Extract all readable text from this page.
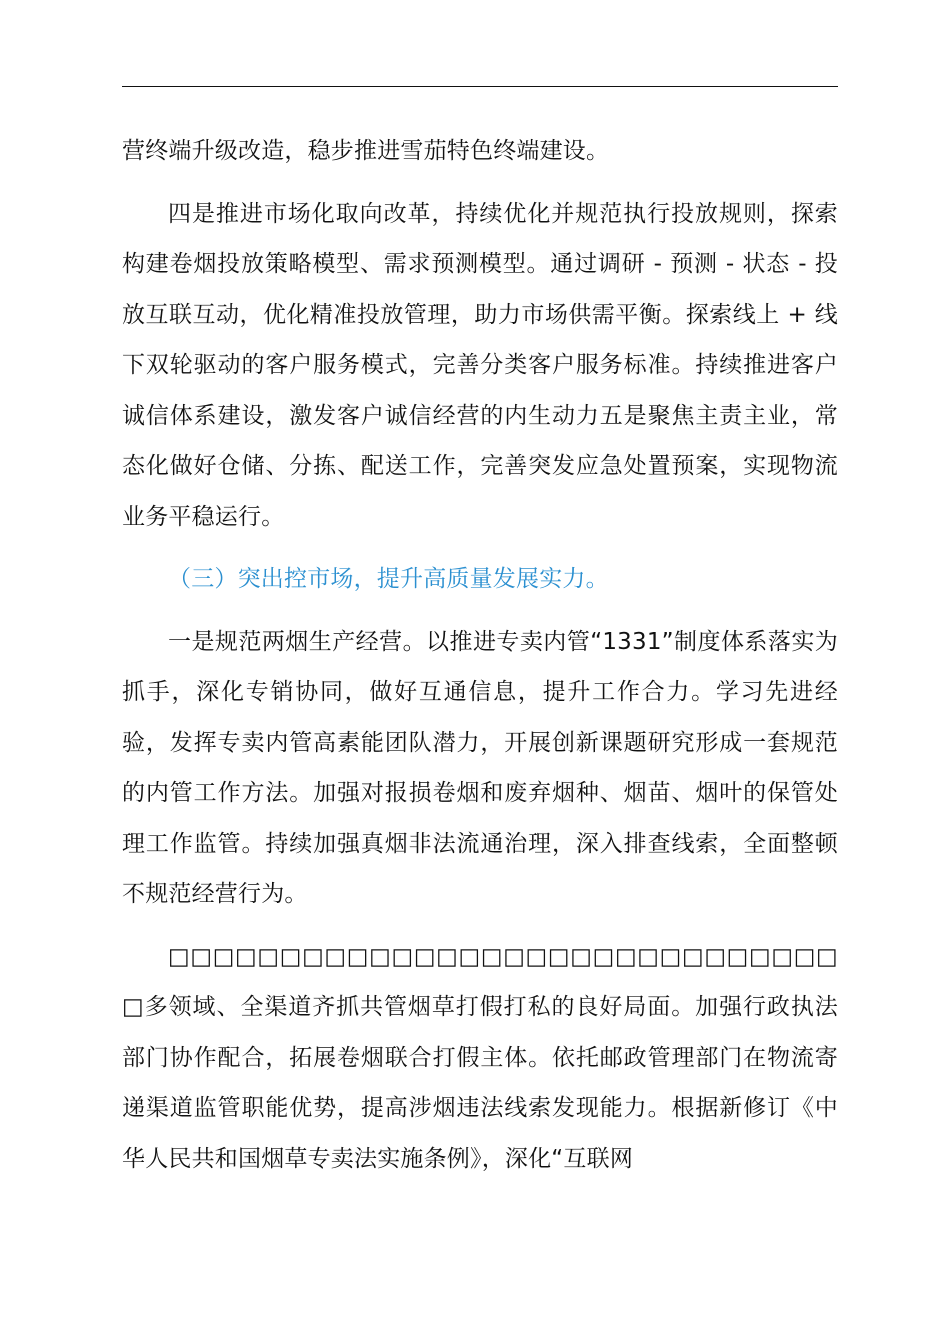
营终端升级改造，稳步推进雪茄特色终端建设。

四是推进市场化取向改革，持续优化并规范执行投放规则，探索构建卷烟投放策略模型、需求预测模型。通过调研 - 预测 - 状态 - 投放互联互动，优化精准投放管理，助力市场供需平衡。探索线上 + 线下双轮驱动的客户服务模式，完善分类客户服务标准。持续推进客户诚信体系建设，激发客户诚信经营的内生动力五是聚焦主责主业，常态化做好仓储、分拣、配送工作，完善突发应急处置预案，实现物流业务平稳运行。

（三）突出控市场，提升高质量发展实力。

一是规范两烟生产经营。以推进专卖内管“1331”制度体系落实为抓手，深化专销协同，做好互通信息，提升工作合力。学习先进经验，发挥专卖内管高素能团队潜力，开展创新课题研究形成一套规范的内管工作方法。加强对报损卷烟和废弃烟种、烟苗、烟叶的保管处理工作监管。持续加强真烟非法流通治理，深入排查线索，全面整顿不规范经营行为。

□□□□□□□□□□□□□□□□□□□□□□□□□□□□□□□多领域、全渠道齐抓共管烟草打假打私的良好局面。加强行政执法部门协作配合，拓展卷烟联合打假主体。依托邮政管理部门在物流寄递渠道监管职能优势，提高涉烟违法线索发现能力。根据新修订《中华人民共和国烟草专卖法实施条例》，深化“互联网
